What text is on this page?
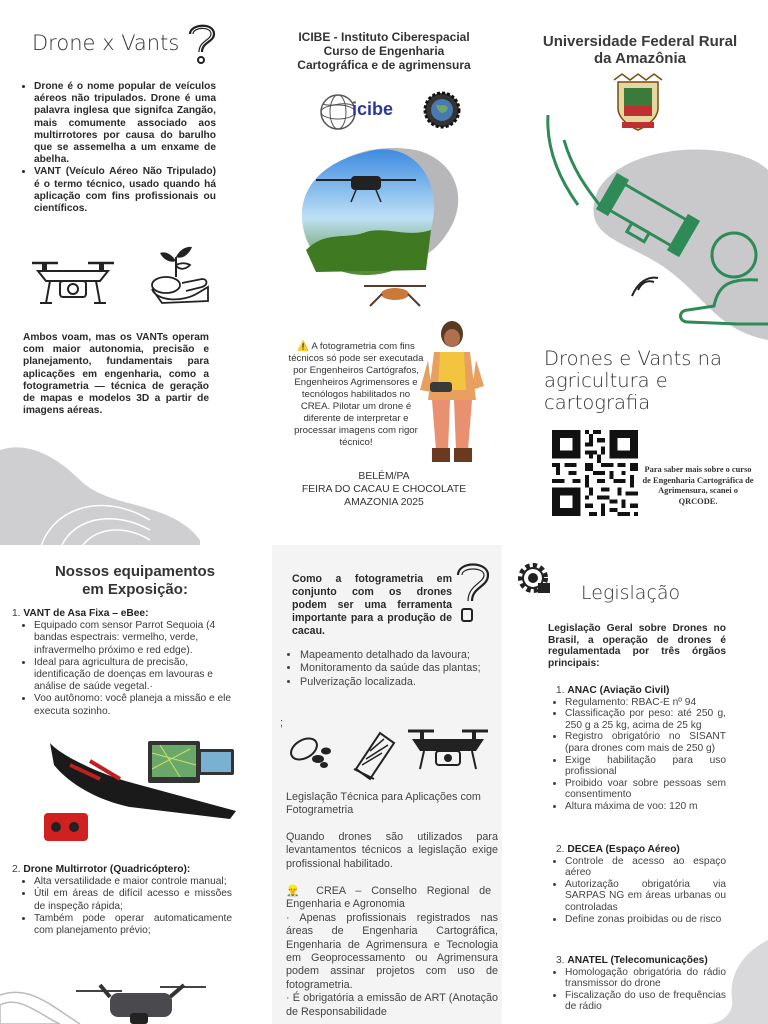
Drone x Vants
• Drone é o nome popular de veículos aéreos não tripulados. Drone é uma palavra inglesa que signifca Zangão, mais comumente associado aos multirrotores por causa do barulho que se assemelha a um enxame de abelha.
• VANT (Veículo Aéreo Não Tripulado) é o termo técnico, usado quando há aplicação com fins profissionais ou científicos.
Ambos voam, mas os VANTs operam com maior autonomia, precisão e planejamento, fundamentais para aplicações em engenharia, como a fotogrametria — técnica de geração de mapas e modelos 3D a partir de imagens aéreas.
ICIBE - Instituto Ciberespacial
Curso de Engenharia
Cartográfica e de agrimensura
icibe
⚠️ A fotogrametria com fins técnicos só pode ser executada por Engenheiros Cartógrafos, Engenheiros Agrimensores e tecnólogos habilitados no CREA. Pilotar um drone é diferente de interpretar e processar imagens com rigor técnico!
BELÉM/PA
FEIRA DO CACAU E CHOCOLATE
AMAZONIA 2025
Universidade Federal Rural
da Amazônia
Drones e Vants na agricultura e cartografia
Para saber mais sobre o curso de Engenharia Cartográfica de Agrimensura, scanei o QRCODE.
Nossos equipamentos
em Exposição:
1. VANT de Asa Fixa – eBee:
• Equipado com sensor Parrot Sequoia (4 bandas espectrais: vermelho, verde, infravermelho próximo e red edge).
• Ideal para agricultura de precisão, identificação de doenças em lavouras e análise de saúde vegetal.·
• Voo autônomo: você planeja a missão e ele executa sozinho.
2. Drone Multirrotor (Quadricóptero):
• Alta versatilidade e maior controle manual;
• Útil em áreas de difícil acesso e missões de inspeção rápida;
• Também pode operar automaticamente com planejamento prévio;
Como a fotogrametria em conjunto com os drones podem ser uma ferramenta importante para a produção de cacau.
• Mapeamento detalhado da lavoura;
• Monitoramento da saúde das plantas;
• Pulverização localizada.
;
Legislação Técnica para Aplicações com Fotogrametria
Quando drones são utilizados para levantamentos técnicos a legislação exige profissional habilitado.
👷‍♂️ CREA – Conselho Regional de Engenharia e Agronomia
· Apenas profissionais registrados nas áreas de Engenharia Cartográfica, Engenharia de Agrimensura e Tecnologia em Geoprocessamento ou Agrimensura podem assinar projetos com uso de fotogrametria.
· É obrigatória a emissão de ART (Anotação de Responsabilidade
Legislação
Legislação Geral sobre Drones no Brasil, a operação de drones é regulamentada por três órgãos principais:
1. ANAC (Aviação Civil)
• Regulamento: RBAC-E nº 94
• Classificação por peso: até 250 g, 250 g a 25 kg, acima de 25 kg
• Registro obrigatório no SISANT (para drones com mais de 250 g)
• Exige habilitação para uso profissional
• Proibido voar sobre pessoas sem consentimento
• Altura máxima de voo: 120 m
2. DECEA (Espaço Aéreo)
• Controle de acesso ao espaço aéreo
• Autorização obrigatória via SARPAS NG em áreas urbanas ou controladas
• Define zonas proibidas ou de risco
3. ANATEL (Telecomunicações)
• Homologação obrigatória do rádio transmissor do drone
• Fiscalização do uso de frequências de rádio
